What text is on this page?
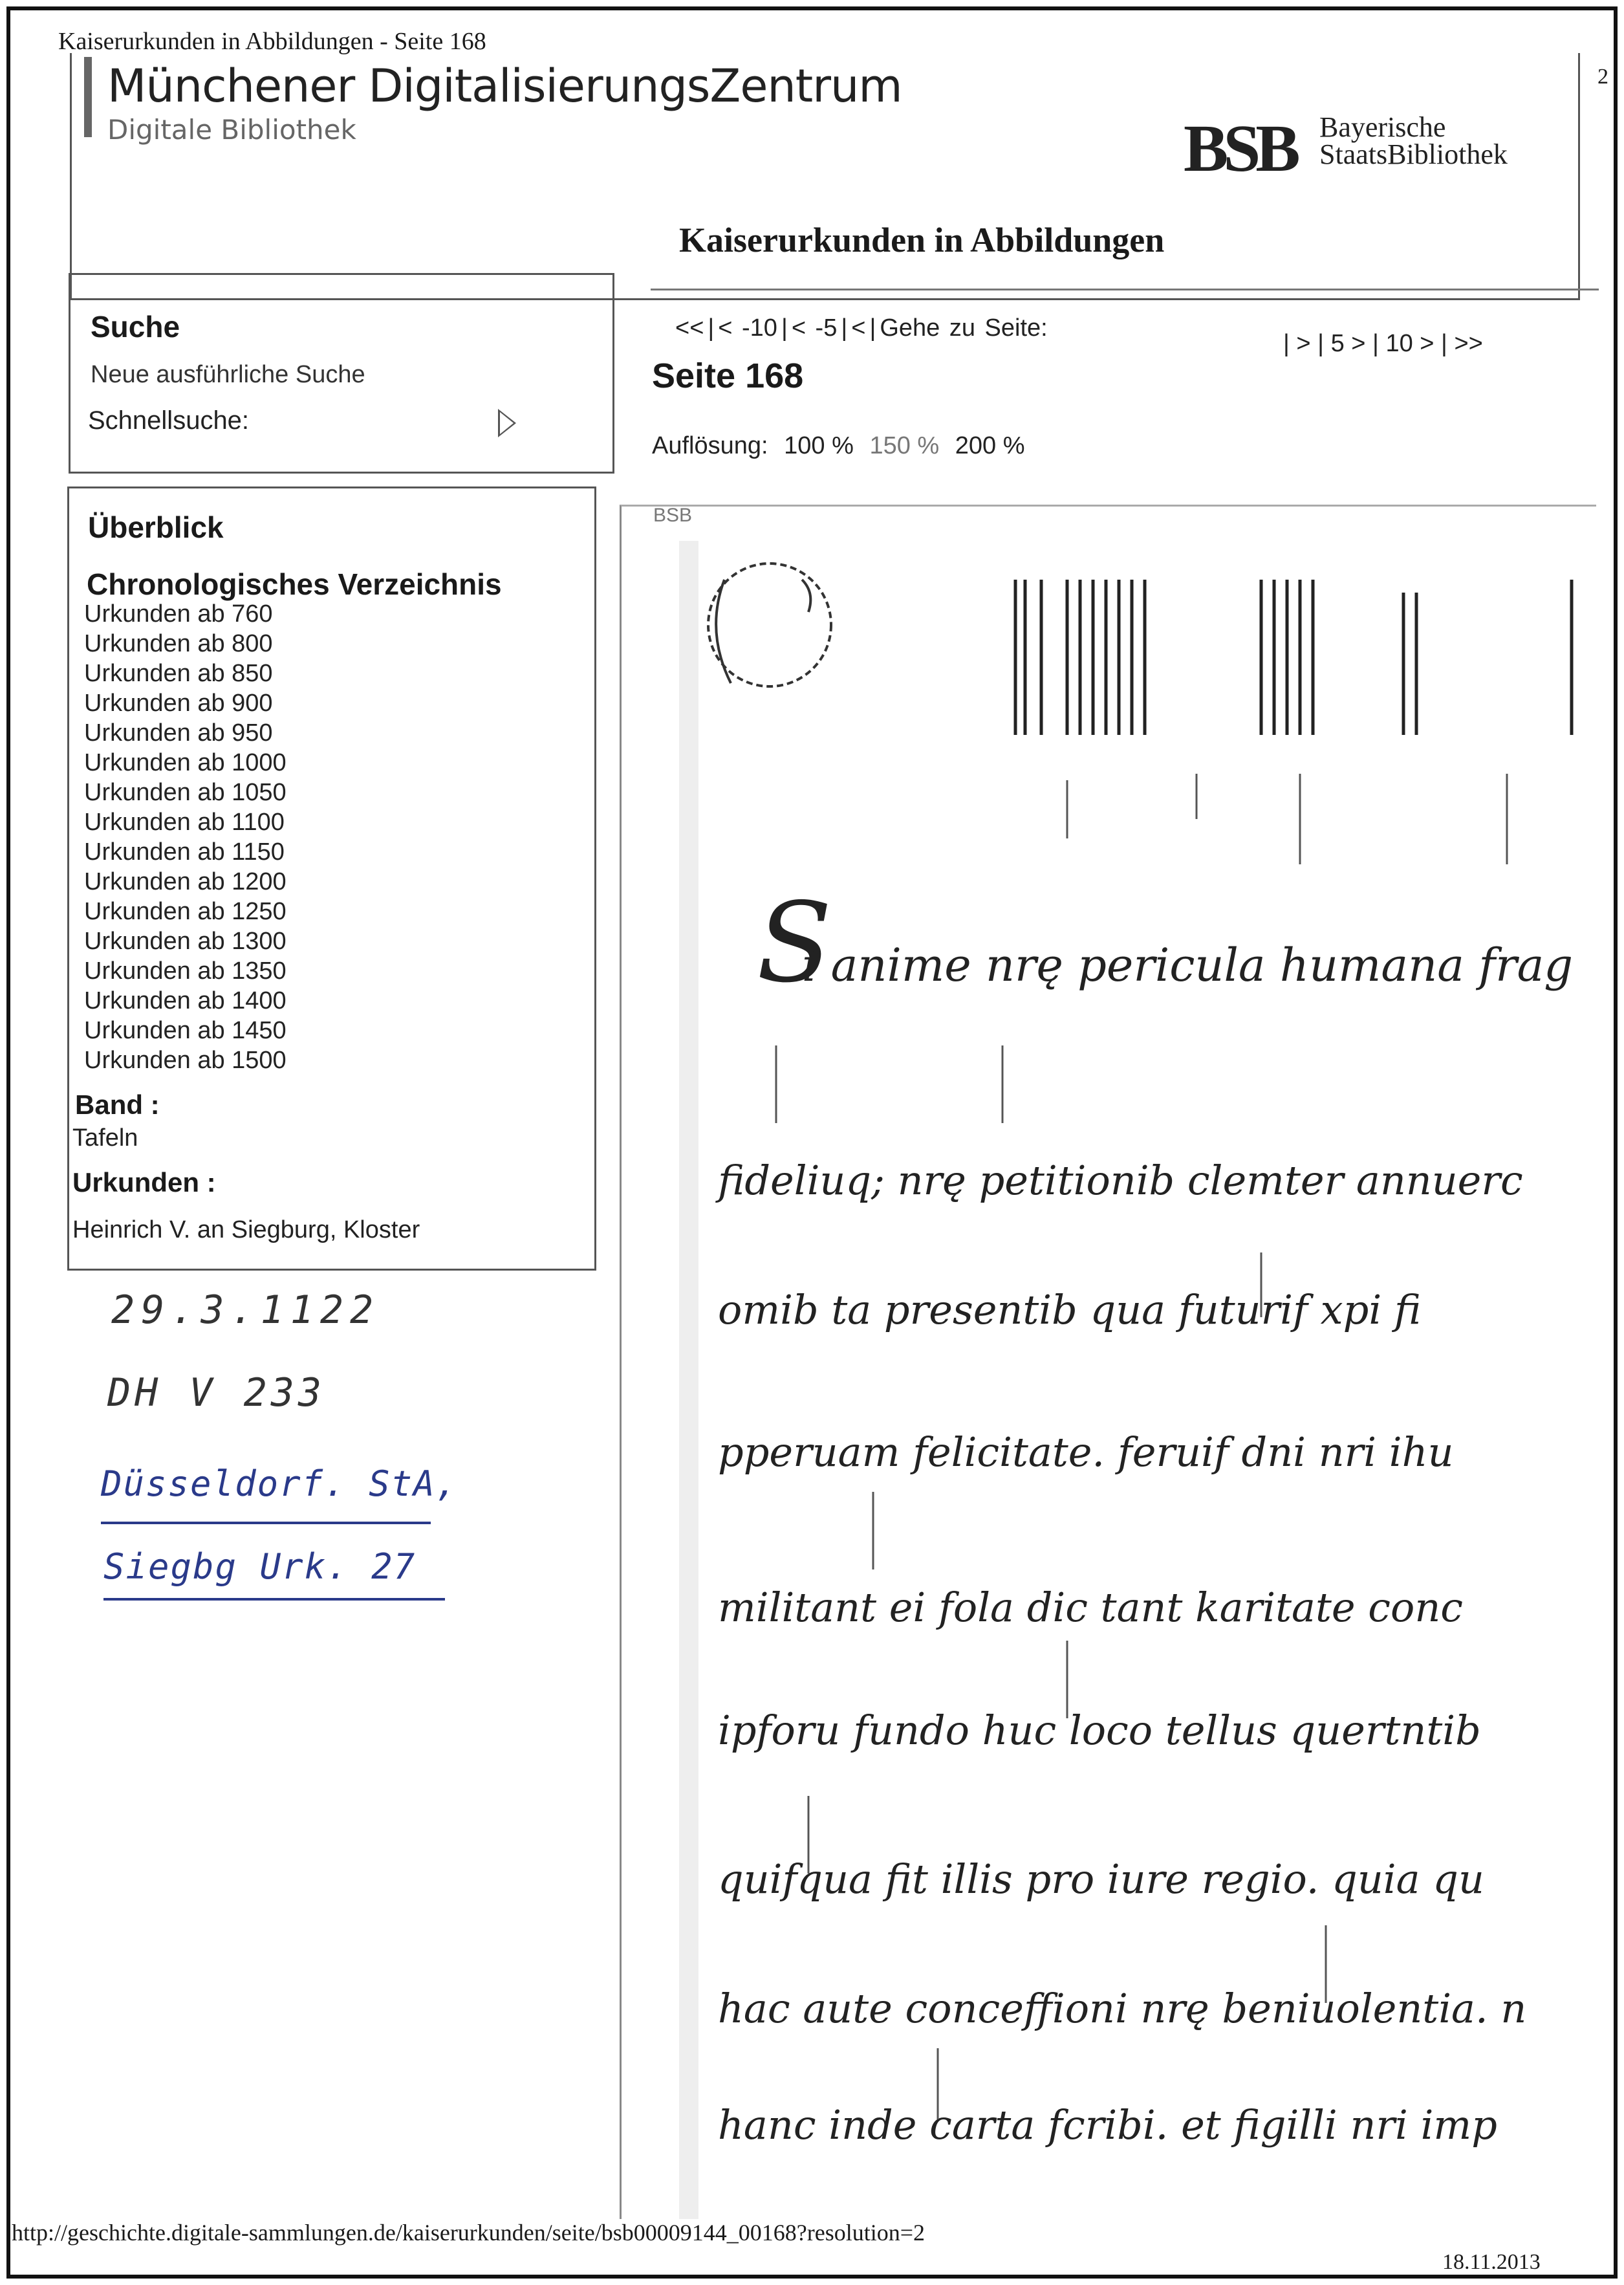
Kaiserurkunden in Abbildungen - Seite 168
2
Münchener DigitalisierungsZentrum
Digitale Bibliothek	BSB Bayerische
StaatsBibliothek
Kaiserurkunden in Abbildungen
Suche
Neue ausführliche Suche
Schnellsuche:
Überblick
Chronologisches Verzeichnis
Urkunden ab 760
Urkunden ab 800
Urkunden ab 850
Urkunden ab 900
Urkunden ab 950
Urkunden ab 1000
Urkunden ab 1050
Urkunden ab 1100
Urkunden ab 1150
Urkunden ab 1200
Urkunden ab 1250
Urkunden ab 1300
Urkunden ab 1350
Urkunden ab 1400
Urkunden ab 1450
Urkunden ab 1500
Band :
Tafeln
Urkunden :
Heinrich V. an Siegburg, Kloster
29.3.1122
DH V 233
Düsseldorf. StA,
Siegbg Urk. 27
<< | < -10 | < -5 | < | Gehe zu Seite:
| > | 5 > | 10 > | >>
Seite 168
Auflösung: 100 % 150 % 200 %
BSB
S
i anime nrę pericula humana frag
fideliuq; nrę petitionib clemter annuerc
omib ta presentib qua futurif xpi fi
pperuam felicitate. feruif dni nri ihu
militant ei fola dic tant karitate conc
ipforu fundo huc loco tellus quertntib
quifqua fit illis pro iure regio. quia qu
hac aute conceffioni nrę beniuolentia. n
hanc inde carta fcribi. et figilli nri imp
http://geschichte.digitale-sammlungen.de/kaiserurkunden/seite/bsb00009144_00168?resolution=2
18.11.2013
